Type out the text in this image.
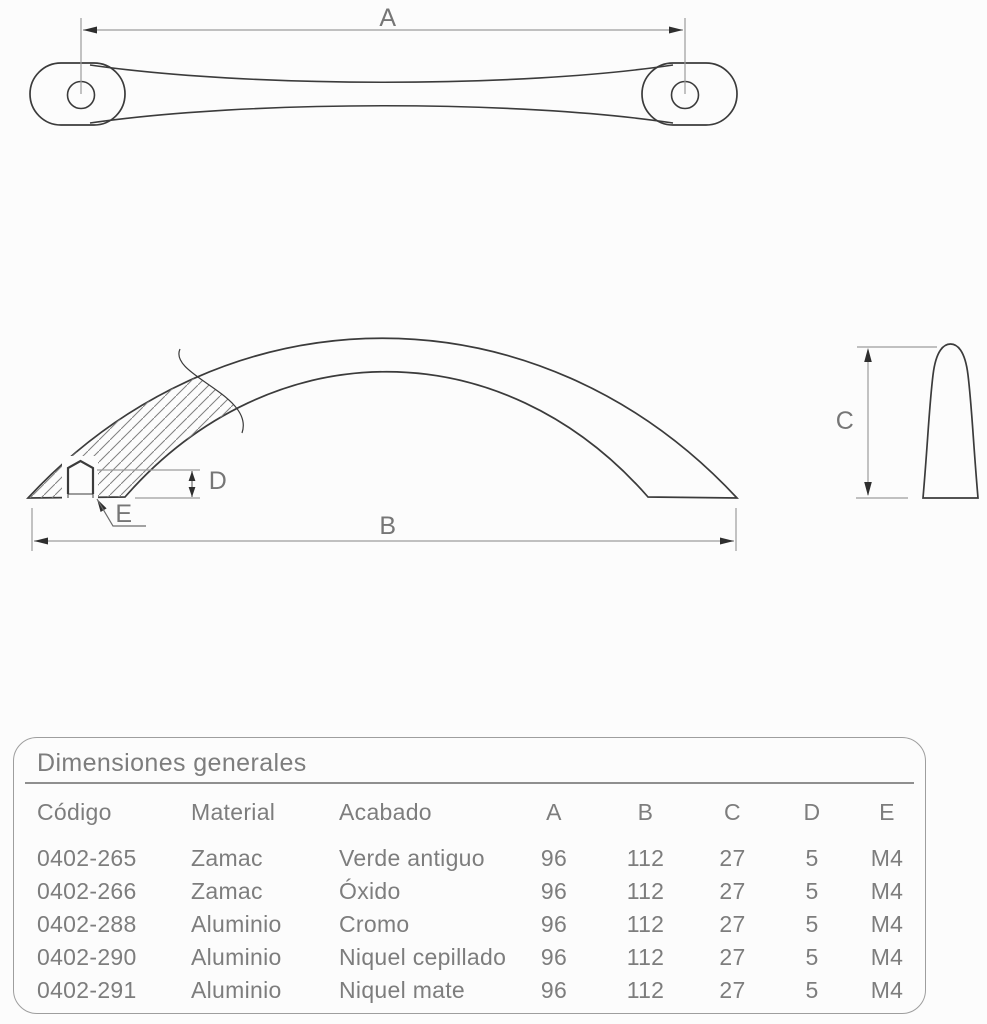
A
D
E	B
C
Dimensiones generales
Código	Material	Acabado	A	B	C	D	E
0402-265	Zamac	Verde antiguo	96	112	27	5	M4
0402-266	Zamac	Óxido	96	112	27	5	M4
0402-288	Aluminio	Cromo	96	112	27	5	M4
0402-290	Aluminio	Niquel cepillado	96	112	27	5	M4
0402-291	Aluminio	Niquel mate	96	112	27	5	M4
